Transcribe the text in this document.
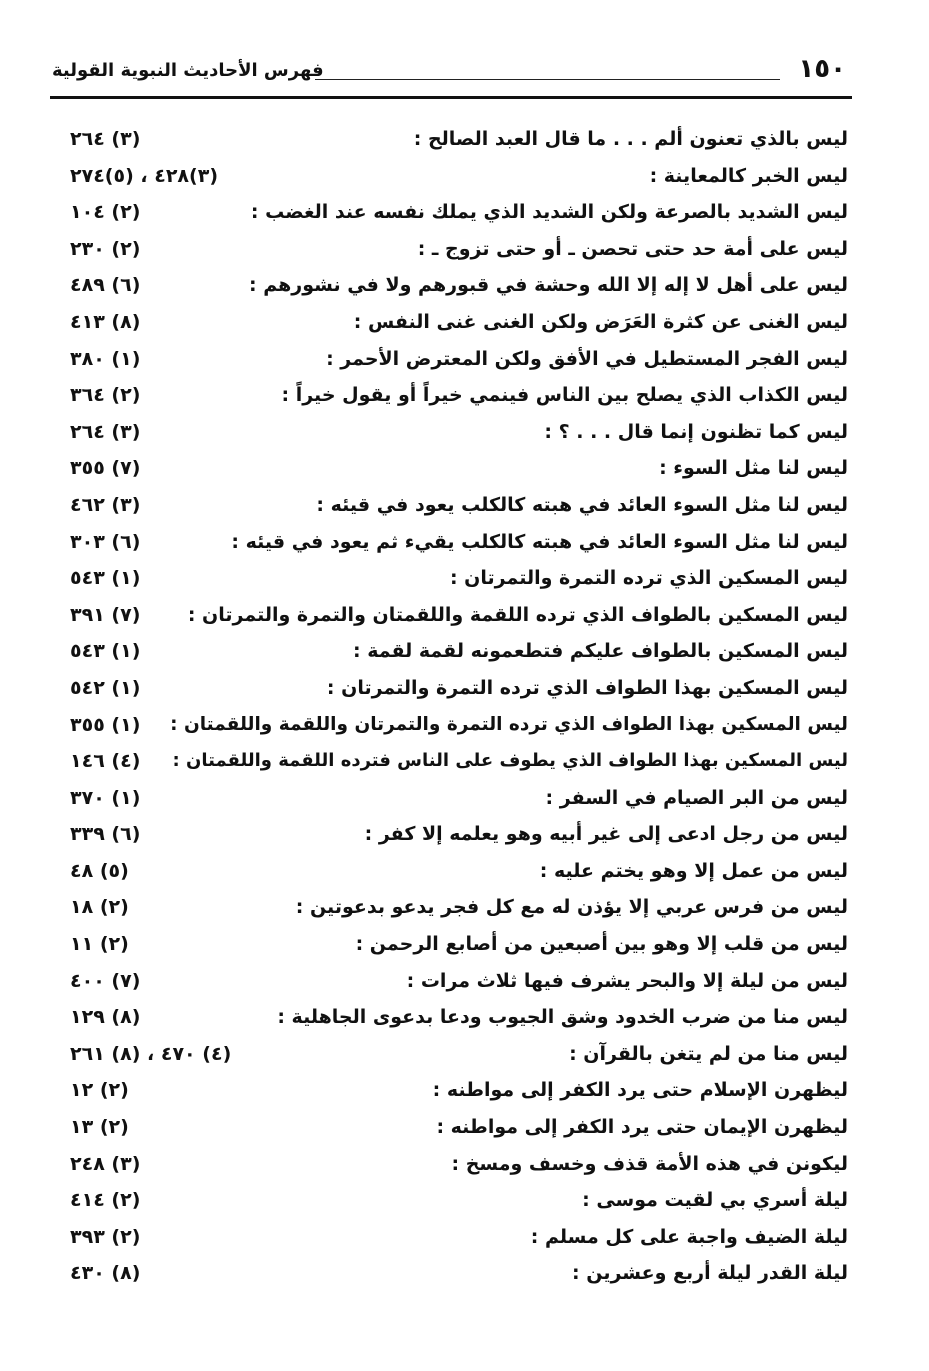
١٥٠
فهرس الأحاديث النبوية القولية
ليس بالذي تعنون ألم . . . ما قال العبد الصالح :
(٣) ٢٦٤
ليس الخبر كالمعاينة :
(٣)٤٢٨ ، (٥)٢٧٤
ليس الشديد بالصرعة ولكن الشديد الذي يملك نفسه عند الغضب :
(٢) ١٠٤
ليس على أمة حد حتى تحصن ـ أو حتى تزوج ـ :
(٢) ٢٣٠
ليس على أهل لا إله إلا الله وحشة في قبورهم ولا في نشورهم :
(٦) ٤٨٩
ليس الغنى عن كثرة العَرَض ولكن الغنى غنى النفس :
(٨) ٤١٣
ليس الفجر المستطيل في الأفق ولكن المعترض الأحمر :
(١) ٣٨٠
ليس الكذاب الذي يصلح بين الناس فينمي خيراً أو يقول خيراً :
(٢) ٣٦٤
ليس كما تظنون إنما قال . . . ؟ :
(٣) ٢٦٤
ليس لنا مثل السوء :
(٧) ٣٥٥
ليس لنا مثل السوء العائد في هبته كالكلب يعود في قيئه :
(٣) ٤٦٢
ليس لنا مثل السوء العائد في هبته كالكلب يقيء ثم يعود في قيئه :
(٦) ٣٠٣
ليس المسكين الذي ترده التمرة والتمرتان :
(١) ٥٤٣
ليس المسكين بالطواف الذي ترده اللقمة واللقمتان والتمرة والتمرتان :
(٧) ٣٩١
ليس المسكين بالطواف عليكم فتطعمونه لقمة لقمة :
(١) ٥٤٣
ليس المسكين بهذا الطواف الذي ترده التمرة والتمرتان :
(١) ٥٤٢
ليس المسكين بهذا الطواف الذي ترده التمرة والتمرتان واللقمة واللقمتان :
(١) ٣٥٥
ليس المسكين بهذا الطواف الذي يطوف على الناس فترده اللقمة واللقمتان :
(٤) ١٤٦
ليس من البر الصيام في السفر :
(١) ٣٧٠
ليس من رجل ادعى إلى غير أبيه وهو يعلمه إلا كفر :
(٦) ٣٣٩
ليس من عمل إلا وهو يختم عليه :
(٥) ٤٨
ليس من فرس عربي إلا يؤذن له مع كل فجر يدعو بدعوتين :
(٢) ١٨
ليس من قلب إلا وهو بين أصبعين من أصابع الرحمن :
(٢) ١١
ليس من ليلة إلا والبحر يشرف فيها ثلاث مرات :
(٧) ٤٠٠
ليس منا من ضرب الخدود وشق الجيوب ودعا بدعوى الجاهلية :
(٨) ١٢٩
ليس منا من لم يتغن بالقرآن :
(٤) ٤٧٠ ، (٨) ٢٦١
ليظهرن الإسلام حتى يرد الكفر إلى مواطنه :
(٢) ١٢
ليظهرن الإيمان حتى يرد الكفر إلى مواطنه :
(٢) ١٣
ليكونن في هذه الأمة قذف وخسف ومسخ :
(٣) ٢٤٨
ليلة أسري بي لقيت موسى :
(٢) ٤١٤
ليلة الضيف واجبة على كل مسلم :
(٢) ٣٩٣
ليلة القدر ليلة أربع وعشرين :
(٨) ٤٣٠
